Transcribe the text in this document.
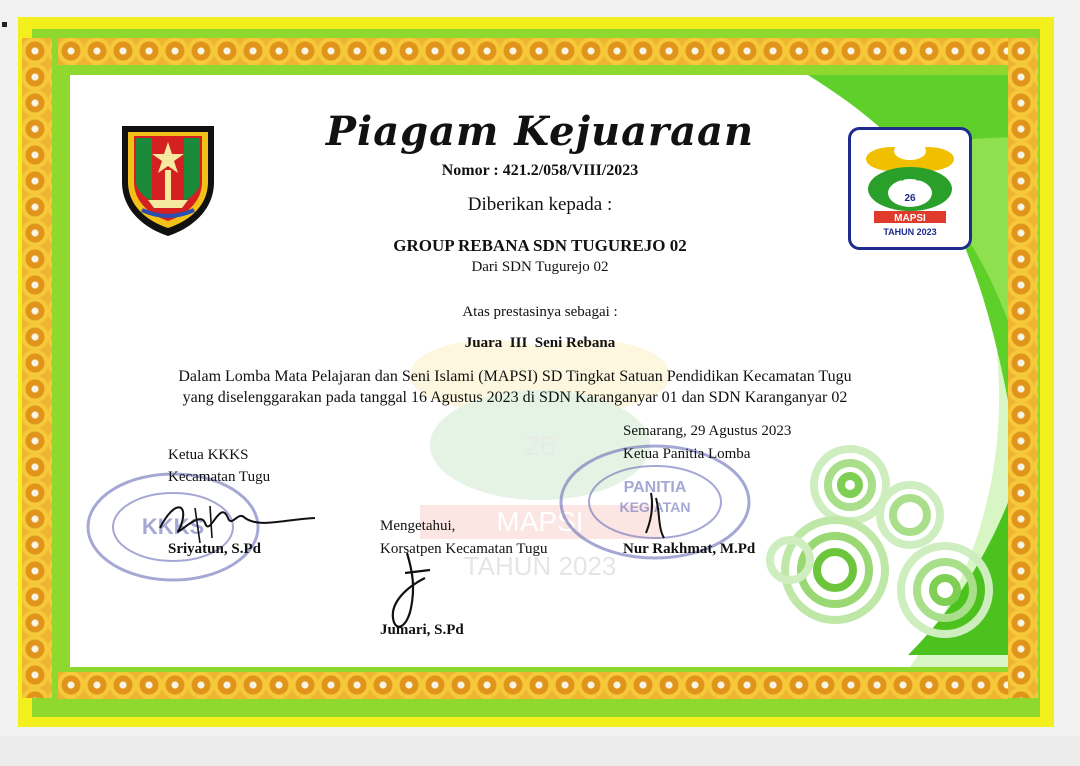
26
MAPSI
TAHUN 2023
Piagam Kejuaraan
Nomor : 421.2/058/VIII/2023
Diberikan kepada :
GROUP REBANA SDN TUGUREJO 02
Dari SDN Tugurejo 02
Atas prestasinya sebagai :
Juara  III  Seni Rebana
Dalam Lomba Mata Pelajaran dan Seni Islami (MAPSI) SD Tingkat Satuan Pendidikan Kecamatan Tugu
yang diselenggarakan pada tanggal 16 Agustus 2023 di SDN Karanganyar 01 dan SDN Karanganyar 02
26
MAPSI
TAHUN 2023
KKKS
PANITIA
KEGIATAN
Ketua KKKS
Kecamatan Tugu
Sriyatun, S.Pd
Mengetahui,
Korsatpen Kecamatan Tugu
Jumari, S.Pd
Semarang, 29 Agustus 2023
Ketua Panitia Lomba
Nur Rakhmat, M.Pd
